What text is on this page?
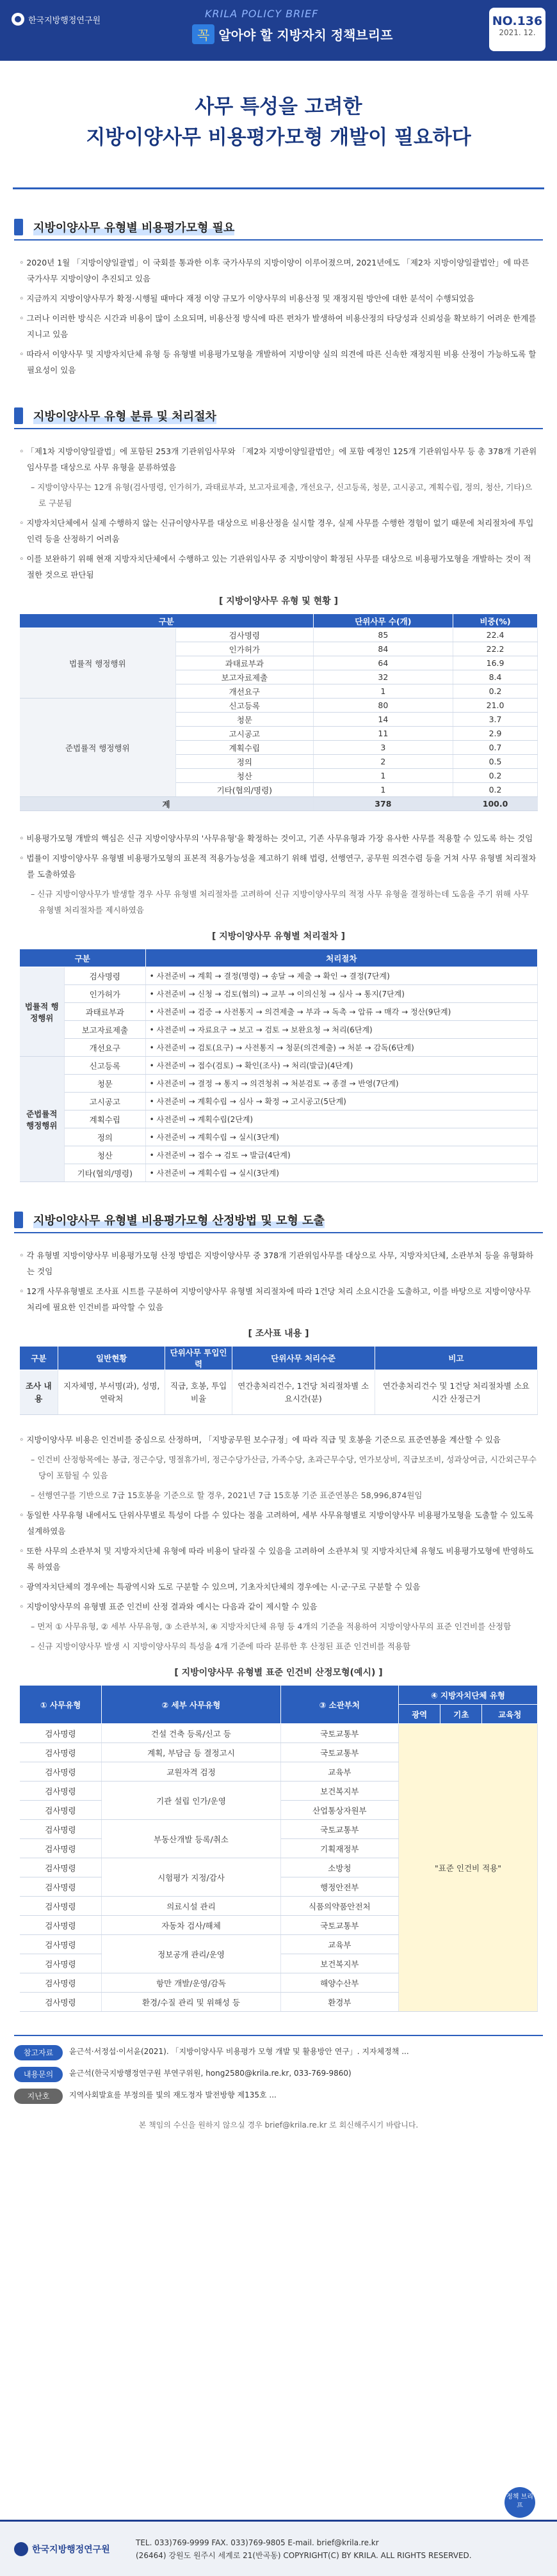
한국지방행정연구원
KRILA POLICY BRIEF
꼭 알아야 할 지방자치 정책브리프
NO.136
2021. 12.
사무 특성을 고려한
지방이양사무 비용평가모형 개발이 필요하다
지방이양사무 유형별 비용평가모형 필요

◦ 2020년 1월 「지방이양일괄법」이 국회를 통과한 이후 국가사무의 지방이양이 이루어졌으며, 2021년에도 「제2차 지방이양일괄법안」에 따른 국가사무 지방이양이 추진되고 있음

◦ 지금까지 지방이양사무가 확정·시행될 때마다 재정 이양 규모가 이양사무의 비용산정 및 재정지원 방안에 대한 분석이 수행되었음

◦ 그러나 이러한 방식은 시간과 비용이 많이 소요되며, 비용산정 방식에 따른 편차가 발생하여 비용산정의 타당성과 신뢰성을 확보하기 어려운 한계를 지니고 있음

◦ 따라서 이양사무 및 지방자치단체 유형 등 유형별 비용평가모형을 개발하여 지방이양 실의 의견에 따른 신속한 재정지원 비용 산정이 가능하도록 할 필요성이 있음

지방이양사무 유형 분류 및 처리절차

◦ 「제1차 지방이양일괄법」에 포함된 253개 기관위임사무와 「제2차 지방이양일괄법안」에 포함 예정인 125개 기관위임사무 등 총 378개 기관위임사무를 대상으로 사무 유형을 분류하였음

– 지방이양사무는 12개 유형(검사명령, 인가허가, 과태료부과, 보고자료제출, 개선요구, 신고등록, 청문, 고시공고, 계획수립, 정의, 청산, 기타)으로 구분됨

◦ 지방자치단체에서 실제 수행하지 않는 신규이양사무를 대상으로 비용산정을 실시할 경우, 실제 사무를 수행한 경험이 없기 때문에 처리절차에 투입인력 등을 산정하기 어려움

◦ 이를 보완하기 위해 현재 지방자치단체에서 수행하고 있는 기관위임사무 중 지방이양이 확정된 사무를 대상으로 비용평가모형을 개발하는 것이 적절한 것으로 판단됨

[ 지방이양사무 유형 및 현황 ]
구분		단위사무 수(개)	비중(%)
법률적 행정행위	검사명령	85	22.4
	인가허가	84	22.2
	과태료부과	64	16.9
	보고자료제출	32	8.4
	개선요구	1	0.2
준법률적 행정행위	신고등록	80	21.0
	청문	14	3.7
	고시공고	11	2.9
	계획수립	3	0.7
	정의	2	0.5
	청산	1	0.2
	기타(협의/명령)	1	0.2
계		378	100.0

◦ 비용평가모형 개발의 핵심은 신규 지방이양사무의 '사무유형'을 확정하는 것이고, 기존 사무유형과 가장 유사한 사무를 적용할 수 있도록 하는 것임

◦ 법률이 지방이양사무 유형별 비용평가모형의 표본적 적용가능성을 제고하기 위해 법령, 선행연구, 공무원 의견수렴 등을 거쳐 사무 유형별 처리절차를 도출하였음

– 신규 지방이양사무가 발생할 경우 사무 유형별 처리절차를 고려하여 신규 지방이양사무의 적정 사무 유형을 결정하는데 도움을 주기 위해 사무 유형별 처리절차를 제시하였음

[ 지방이양사무 유형별 처리절차 ]
구분		처리절차
법률적 행정행위	검사명령	• 사전준비 → 계획 → 결정(명령) → 송달 → 제출 → 확인 → 결정(7단계)
	인가허가	• 사전준비 → 신청 → 검토(협의) → 교부 → 이의신청 → 심사 → 통지(7단계)
	과태료부과	• 사전준비 → 검증 → 사전통지 → 의견제출 → 부과 → 독촉 → 압류 → 매각 → 정산(9단계)
	보고자료제출	• 사전준비 → 자료요구 → 보고 → 검토 → 보완요청 → 처리(6단계)
	개선요구	• 사전준비 → 검토(요구) → 사전통지 → 청문(의견제출) → 처분 → 감독(6단계)
준법률적 행정행위	신고등록	• 사전준비 → 접수(검토) → 확인(조사) → 처리(발급)(4단계)
	청문	• 사전준비 → 결정 → 통지 → 의견청취 → 처분검토 → 종결 → 반영(7단계)
	고시공고	• 사전준비 → 계획수립 → 심사 → 확정 → 고시공고(5단계)
	계획수립	• 사전준비 → 계획수립(2단계)
	정의	• 사전준비 → 계획수립 → 실시(3단계)
	청산	• 사전준비 → 접수 → 검토 → 발급(4단계)
	기타(협의/명령)	• 사전준비 → 계획수립 → 실시(3단계)
지방이양사무 유형별 비용평가모형 산정방법 및 모형 도출

◦ 각 유형별 지방이양사무 비용평가모형 산정 방법은 지방이양사무 중 378개 기관위임사무를 대상으로 사무, 지방자치단체, 소관부처 등을 유형화하는 것임

◦ 12개 사무유형별로 조사표 시트를 구분하여 지방이양사무 유형별 처리절차에 따라 1건당 처리 소요시간을 도출하고, 이를 바탕으로 지방이양사무 처리에 필요한 인건비를 파악할 수 있음

[ 조사표 내용 ]
구분	일반현황	단위사무 투입인력	단위사무 처리수준	비고
조사 내용	지자체명, 부서명(과), 성명, 연락처	직급, 호봉, 투입비율	연간총처리건수, 1건당 처리절차별 소요시간(분)	연간총처리건수 및 1건당 처리절차별 소요시간 산정근거

◦ 지방이양사무 비용은 인건비를 중심으로 산정하며, 「지방공무원 보수규정」에 따라 직급 및 호봉을 기준으로 표준연봉을 계산할 수 있음

– 인건비 산정항목에는 봉급, 정근수당, 명절휴가비, 정근수당가산금, 가족수당, 초과근무수당, 연가보상비, 직급보조비, 성과상여금, 시간외근무수당이 포함될 수 있음

– 선행연구를 기반으로 7급 15호봉을 기준으로 할 경우, 2021년 7급 15호봉 기준 표준연봉은 58,996,874원임

◦ 동일한 사무유형 내에서도 단위사무별로 특성이 다를 수 있다는 점을 고려하여, 세부 사무유형별로 지방이양사무 비용평가모형을 도출할 수 있도록 설계하였음

◦ 또한 사무의 소관부처 및 지방자치단체 유형에 따라 비용이 달라질 수 있음을 고려하여 소관부처 및 지방자치단체 유형도 비용평가모형에 반영하도록 하였음

◦ 광역자치단체의 경우에는 특광역시와 도로 구분할 수 있으며, 기초자치단체의 경우에는 시·군·구로 구분할 수 있음

◦ 지방이양사무의 유형별 표준 인건비 산정 결과와 예시는 다음과 같이 제시할 수 있음

– 먼저 ① 사무유형, ② 세부 사무유형, ③ 소관부처, ④ 지방자치단체 유형 등 4개의 기준을 적용하여 지방이양사무의 표준 인건비를 산정함

– 신규 지방이양사무 발생 시 지방이양사무의 특성을 4개 기준에 따라 분류한 후 산정된 표준 인건비를 적용함

[ 지방이양사무 유형별 표준 인건비 산정모형(예시) ]
① 사무유형	② 세부 사무유형	③ 소관부처	④ 지방자치단체 유형		
			광역	기초	교육청
검사명령	건설 건축 등록/신고 등	국토교통부	"표준 인건비 적용"		
검사명령	계획, 부담금 등 결정고시	국토교통부			
검사명령	교원자격 검정	교육부			
검사명령	기관 설립 인가/운영	보건복지부			
검사명령		산업통상자원부			
검사명령	부동산개발 등록/취소	국토교통부			
검사명령		기획재정부			
검사명령	시험평가 지정/감사	소방청			
검사명령		행정안전부			
검사명령	의료시설 관리	식품의약품안전처			
검사명령	자동차 검사/해체	국토교통부			
검사명령	정보공개 관리/운영	교육부			
검사명령		보건복지부			
검사명령	항만 개발/운영/감독	해양수산부			
검사명령	환경/수질 관리 및 위해성 등	환경부			
참고자료	윤근석·서정섭·이서윤(2021). 「지방이양사무 비용평가 모형 개발 및 활용방안 연구」. 지자체정책 ...
내용문의	윤근석(한국지방행정연구원 부연구위원, hong2580@krila.re.kr, 033-769-9860)
지난호	지역사회발효를 부정의를 빛의 재도정자 발전방향 제135호 ...
본 책임의 수신을 원하지 않으실 경우 brief@krila.re.kr 로 회신해주시기 바랍니다.
정책 브리프
한국지방행정연구원
TEL. 033)769-9999 FAX. 033)769-9805 E-mail. brief@krila.re.kr
(26464) 강원도 원주시 세계로 21(반곡동) COPYRIGHT(C) BY KRILA. ALL RIGHTS RESERVED.
